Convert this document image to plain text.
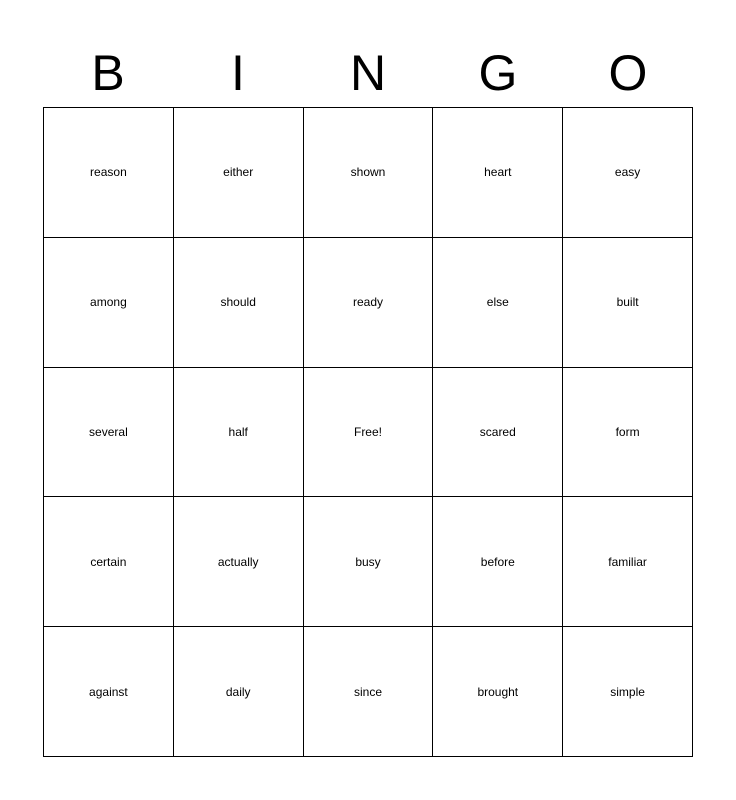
B	I	N	G	O
reason	either	shown	heart	easy
among	should	ready	else	built
several	half	Free!	scared	form
certain	actually	busy	before	familiar
against	daily	since	brought	simple
